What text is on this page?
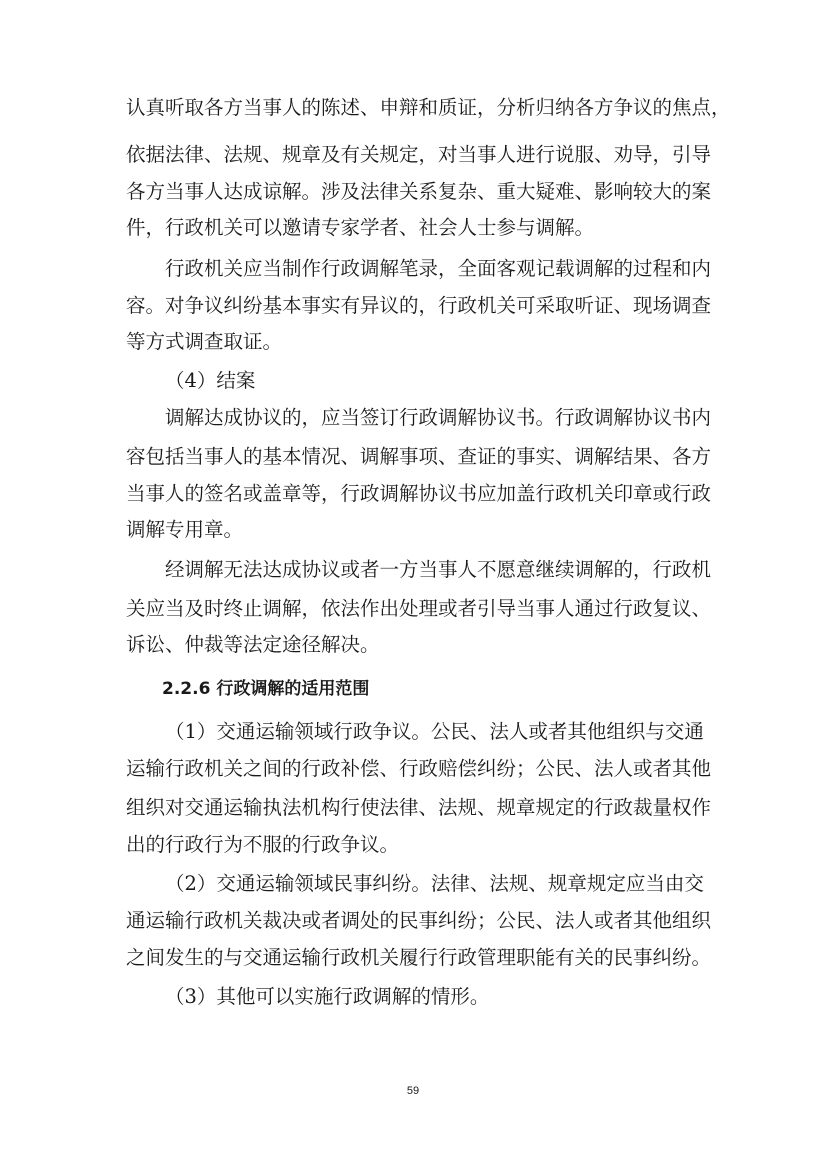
认真听取各方当事人的陈述、申辩和质证，分析归纳各方争议的焦点，
依据法律、法规、规章及有关规定，对当事人进行说服、劝导，引导
各方当事人达成谅解。涉及法律关系复杂、重大疑难、影响较大的案
件，行政机关可以邀请专家学者、社会人士参与调解。
行政机关应当制作行政调解笔录，全面客观记载调解的过程和内
容。对争议纠纷基本事实有异议的，行政机关可采取听证、现场调查
等方式调查取证。
（4）结案
调解达成协议的，应当签订行政调解协议书。行政调解协议书内
容包括当事人的基本情况、调解事项、查证的事实、调解结果、各方
当事人的签名或盖章等，行政调解协议书应加盖行政机关印章或行政
调解专用章。
经调解无法达成协议或者一方当事人不愿意继续调解的，行政机
关应当及时终止调解，依法作出处理或者引导当事人通过行政复议、
诉讼、仲裁等法定途径解决。
2.2.6 行政调解的适用范围
（1）交通运输领域行政争议。公民、法人或者其他组织与交通
运输行政机关之间的行政补偿、行政赔偿纠纷；公民、法人或者其他
组织对交通运输执法机构行使法律、法规、规章规定的行政裁量权作
出的行政行为不服的行政争议。
（2）交通运输领域民事纠纷。法律、法规、规章规定应当由交
通运输行政机关裁决或者调处的民事纠纷；公民、法人或者其他组织
之间发生的与交通运输行政机关履行行政管理职能有关的民事纠纷。
（3）其他可以实施行政调解的情形。
59
